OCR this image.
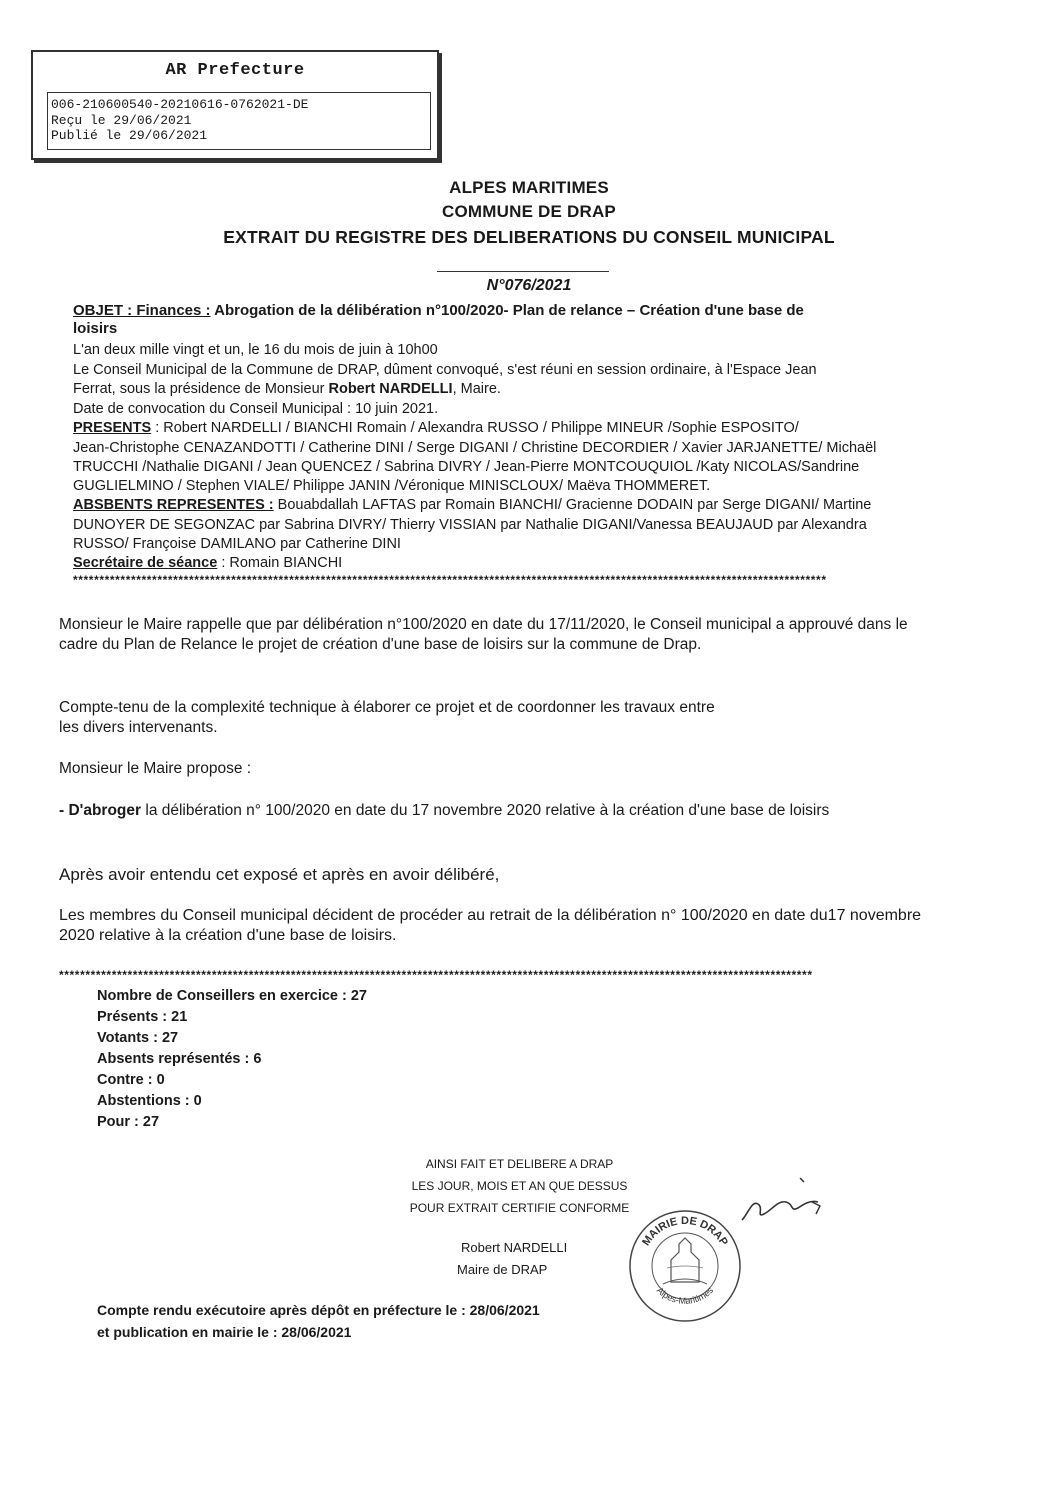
AR Prefecture
006-210600540-20210616-0762021-DE
Reçu le 29/06/2021
Publié le 29/06/2021
ALPES MARITIMES
COMMUNE DE DRAP
EXTRAIT DU REGISTRE DES DELIBERATIONS DU CONSEIL MUNICIPAL
N°076/2021
OBJET : Finances : Abrogation de la délibération n°100/2020- Plan de relance – Création d'une base de
loisirs
L'an deux mille vingt et un, le 16 du mois de juin à 10h00
Le Conseil Municipal de la Commune de DRAP, dûment convoqué, s'est réuni en session ordinaire, à l'Espace Jean
Ferrat, sous la présidence de Monsieur Robert NARDELLI, Maire.
Date de convocation du Conseil Municipal : 10 juin 2021.
PRESENTS : Robert NARDELLI / BIANCHI Romain / Alexandra RUSSO / Philippe MINEUR /Sophie ESPOSITO/
Jean-Christophe CENAZANDOTTI / Catherine DINI / Serge DIGANI / Christine DECORDIER / Xavier JARJANETTE/ Michaël
TRUCCHI /Nathalie DIGANI / Jean QUENCEZ / Sabrina DIVRY / Jean-Pierre MONTCOUQUIOL /Katy NICOLAS/Sandrine
GUGLIELMINO / Stephen VIALE/ Philippe JANIN /Véronique MINISCLOUX/ Maëva THOMMERET.
ABSBENTS REPRESENTES : Bouabdallah LAFTAS par Romain BIANCHI/ Gracienne DODAIN par Serge DIGANI/ Martine
DUNOYER DE SEGONZAC par Sabrina DIVRY/ Thierry VISSIAN par Nathalie DIGANI/Vanessa BEAUJAUD par Alexandra
RUSSO/ Françoise DAMILANO par Catherine DINI
Secrétaire de séance : Romain BIANCHI
***********************************************************************************************************************************************
Monsieur le Maire rappelle que par délibération n°100/2020 en date du 17/11/2020, le Conseil municipal a approuvé dans le cadre du Plan de Relance le projet de création d'une base de loisirs sur la commune de Drap.
Compte-tenu de la complexité technique à élaborer ce projet et de coordonner les travaux entre
les divers intervenants.
Monsieur le Maire propose :
- D'abroger la délibération n° 100/2020 en date du 17 novembre 2020 relative à la création d'une base de loisirs
Après avoir entendu cet exposé et après en avoir délibéré,
Les membres du Conseil municipal décident de procéder au retrait de la délibération n° 100/2020 en date du17 novembre 2020 relative à la création d'une base de loisirs.
***********************************************************************************************************************************************
Nombre de Conseillers en exercice : 27
Présents : 21
Votants : 27
Absents représentés : 6
Contre : 0
Abstentions : 0
Pour : 27
AINSI FAIT ET DELIBERE A DRAP
LES JOUR, MOIS ET AN QUE DESSUS
POUR EXTRAIT CERTIFIE CONFORME
Robert NARDELLI
Maire de DRAP
MAIRIE DE DRAP
Alpes-Maritimes
Compte rendu exécutoire après dépôt en préfecture le : 28/06/2021
et publication en mairie le : 28/06/2021
